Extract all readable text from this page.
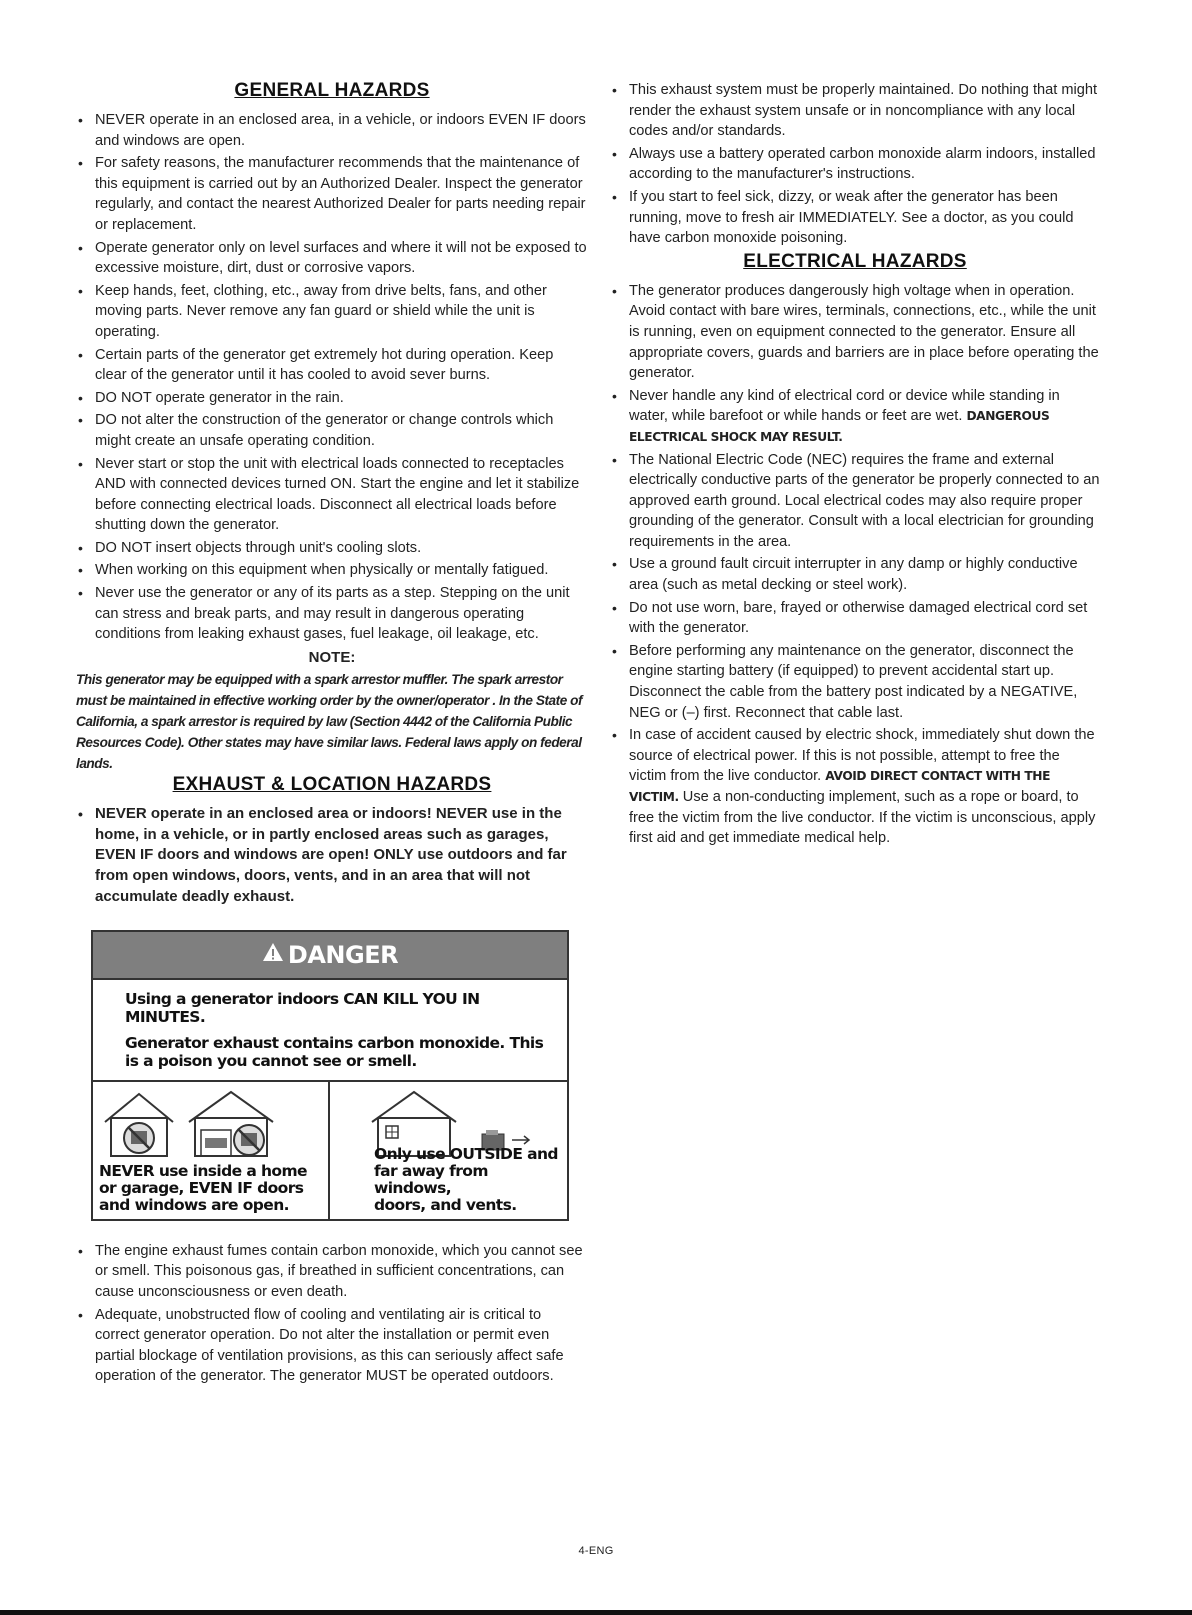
GENERAL HAZARDS
• NEVER operate in an enclosed area, in a vehicle, or indoors EVEN IF doors and windows are open.
• For safety reasons, the manufacturer recommends that the maintenance of this equipment is carried out by an Authorized Dealer. Inspect the generator regularly, and contact the nearest Authorized Dealer for parts needing repair or replacement.
• Operate generator only on level surfaces and where it will not be exposed to excessive moisture, dirt, dust or corrosive vapors.
• Keep hands, feet, clothing, etc., away from drive belts, fans, and other moving parts. Never remove any fan guard or shield while the unit is operating.
• Certain parts of the generator get extremely hot during operation. Keep clear of the generator until it has cooled to avoid sever burns.
• DO NOT operate generator in the rain.
• DO not alter the construction of the generator or change controls which might create an unsafe operating condition.
• Never start or stop the unit with electrical loads connected to receptacles AND with connected devices turned ON. Start the engine and let it stabilize before connecting electrical loads. Disconnect all electrical loads before shutting down the generator.
• DO NOT insert objects through unit's cooling slots.
• When working on this equipment when physically or mentally fatigued.
• Never use the generator or any of its parts as a step. Stepping on the unit can stress and break parts, and may result in dangerous operating conditions from leaking exhaust gases, fuel leakage, oil leakage, etc.
NOTE:
This generator may be equipped with a spark arrestor muffler. The spark arrestor must be maintained in effective working order by the owner/operator . In the State of California, a spark arrestor is required by law (Section 4442 of the California Public Resources Code). Other states may have similar laws. Federal laws apply on federal lands.
EXHAUST & LOCATION HAZARDS
• NEVER operate in an enclosed area or indoors! NEVER use in the home, in a vehicle, or in partly enclosed areas such as garages, EVEN IF doors and windows are open! ONLY use outdoors and far from open windows, doors, vents, and in an area that will not accumulate deadly exhaust.
DANGER

Using a generator indoors CAN KILL YOU IN MINUTES.

Generator exhaust contains carbon monoxide. This is a poison you cannot see or smell.

NEVER use inside a home
or garage, EVEN IF doors
and windows are open.
Only use OUTSIDE and
far away from windows,
doors, and vents.
• The engine exhaust fumes contain carbon monoxide, which you cannot see or smell. This poisonous gas, if breathed in sufficient concentrations, can cause unconsciousness or even death.
• Adequate, unobstructed flow of cooling and ventilating air is critical to correct generator operation. Do not alter the installation or permit even partial blockage of ventilation provisions, as this can seriously affect safe operation of the generator. The generator MUST be operated outdoors.
• This exhaust system must be properly maintained. Do nothing that might render the exhaust system unsafe or in noncompliance with any local codes and/or standards.
• Always use a battery operated carbon monoxide alarm indoors, installed according to the manufacturer's instructions.
• If you start to feel sick, dizzy, or weak after the generator has been running, move to fresh air IMMEDIATELY. See a doctor, as you could have carbon monoxide poisoning.
ELECTRICAL HAZARDS
• The generator produces dangerously high voltage when in operation. Avoid contact with bare wires, terminals, connections, etc., while the unit is running, even on equipment connected to the generator. Ensure all appropriate covers, guards and barriers are in place before operating the generator.
• Never handle any kind of electrical cord or device while standing in water, while barefoot or while hands or feet are wet. DANGEROUS ELECTRICAL SHOCK MAY RESULT.
• The National Electric Code (NEC) requires the frame and external electrically conductive parts of the generator be properly connected to an approved earth ground. Local electrical codes may also require proper grounding of the generator. Consult with a local electrician for grounding requirements in the area.
• Use a ground fault circuit interrupter in any damp or highly conductive area (such as metal decking or steel work).
• Do not use worn, bare, frayed or otherwise damaged electrical cord set with the generator.
• Before performing any maintenance on the generator, disconnect the engine starting battery (if equipped) to prevent accidental start up. Disconnect the cable from the battery post indicated by a NEGATIVE, NEG or (–) first. Reconnect that cable last.
• In case of accident caused by electric shock, immediately shut down the source of electrical power. If this is not possible, attempt to free the victim from the live conductor. AVOID DIRECT CONTACT WITH THE VICTIM. Use a non-conducting implement, such as a rope or board, to free the victim from the live conductor. If the victim is unconscious, apply first aid and get immediate medical help.
4-ENG
